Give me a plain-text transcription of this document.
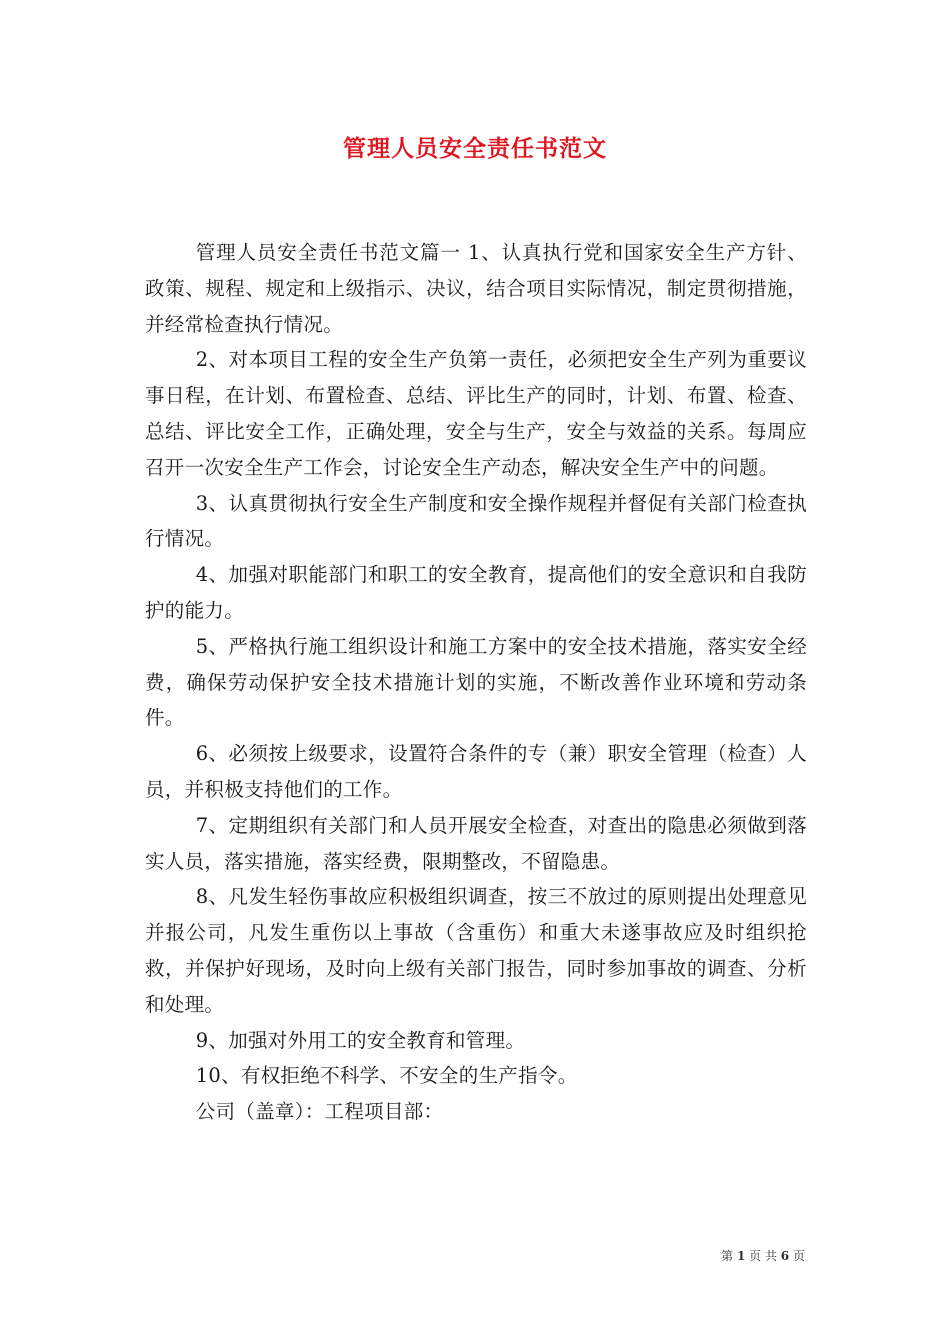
管理人员安全责任书范文

管理人员安全责任书范文篇一 1、认真执行党和国家安全生产方针、政策、规程、规定和上级指示、决议，结合项目实际情况，制定贯彻措施，并经常检查执行情况。

2、对本项目工程的安全生产负第一责任，必须把安全生产列为重要议事日程，在计划、布置检查、总结、评比生产的同时，计划、布置、检查、总结、评比安全工作，正确处理，安全与生产，安全与效益的关系。每周应召开一次安全生产工作会，讨论安全生产动态，解决安全生产中的问题。

3、认真贯彻执行安全生产制度和安全操作规程并督促有关部门检查执行情况。

4、加强对职能部门和职工的安全教育，提高他们的安全意识和自我防护的能力。

5、严格执行施工组织设计和施工方案中的安全技术措施，落实安全经费，确保劳动保护安全技术措施计划的实施，不断改善作业环境和劳动条件。

6、必须按上级要求，设置符合条件的专（兼）职安全管理（检查）人员，并积极支持他们的工作。

7、定期组织有关部门和人员开展安全检查，对查出的隐患必须做到落实人员，落实措施，落实经费，限期整改，不留隐患。

8、凡发生轻伤事故应积极组织调查，按三不放过的原则提出处理意见并报公司，凡发生重伤以上事故（含重伤）和重大未遂事故应及时组织抢救，并保护好现场，及时向上级有关部门报告，同时参加事故的调查、分析和处理。

9、加强对外用工的安全教育和管理。

10、有权拒绝不科学、不安全的生产指令。

公司（盖章）：工程项目部：

第 1 页 共 6 页
